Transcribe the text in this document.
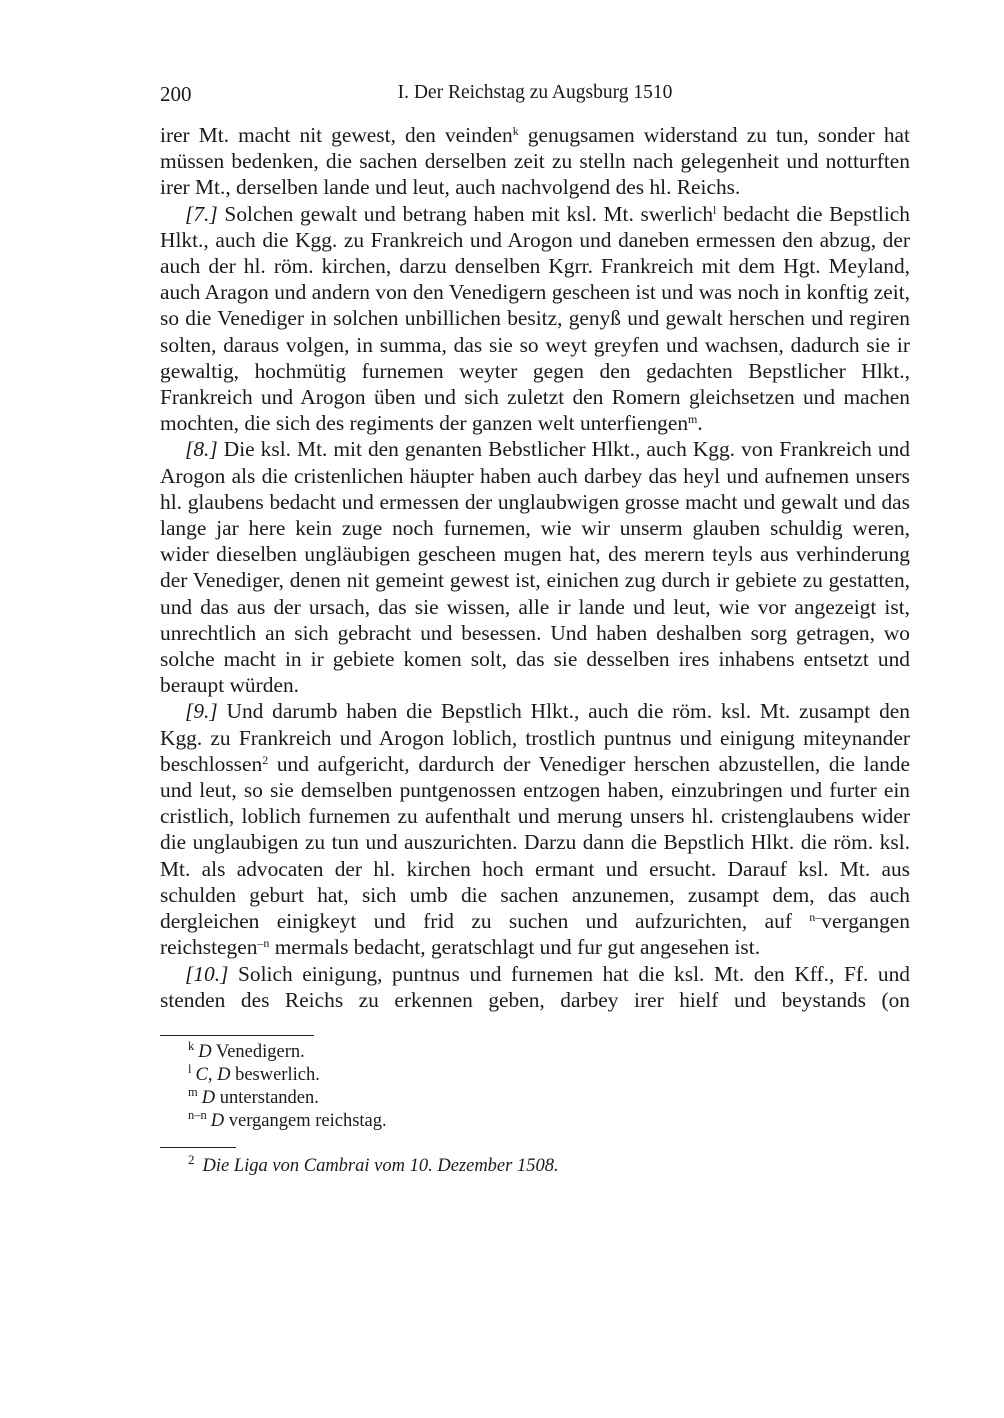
200	I. Der Reichstag zu Augsburg 1510

irer Mt. macht nit gewest, den veinden$^k$ genugsamen widerstand zu tun, sonder hat müssen bedenken, die sachen derselben zeit zu stelln nach gelegenheit und notturften irer Mt., derselben lande und leut, auch nachvolgend des hl. Reichs.

[7.] Solchen gewalt und betrang haben mit ksl. Mt. swerlich$^l$ bedacht die Bepstlich Hlkt., auch die Kgg. zu Frankreich und Arogon und daneben ermessen den abzug, der auch der hl. röm. kirchen, darzu denselben Kgrr. Frankreich mit dem Hgt. Meyland, auch Aragon und andern von den Venedigern gescheen ist und was noch in konftig zeit, so die Venediger in solchen unbillichen besitz, genyß und gewalt herschen und regiren solten, daraus volgen, in summa, das sie so weyt greyfen und wachsen, dadurch sie ir gewaltig, hochmütig furnemen weyter gegen den gedachten Bepstlicher Hlkt., Frankreich und Arogon üben und sich zuletzt den Romern gleichsetzen und machen mochten, die sich des regiments der ganzen welt unterfiengen$^m$.

[8.] Die ksl. Mt. mit den genanten Bebstlicher Hlkt., auch Kgg. von Frankreich und Arogon als die cristenlichen häupter haben auch darbey das heyl und aufnemen unsers hl. glaubens bedacht und ermessen der unglaubwigen grosse macht und gewalt und das lange jar here kein zuge noch furnemen, wie wir unserm glauben schuldig weren, wider dieselben ungläubigen gescheen mugen hat, des merern teyls aus verhinderung der Venediger, denen nit gemeint gewest ist, einichen zug durch ir gebiete zu gestatten, und das aus der ursach, das sie wissen, alle ir lande und leut, wie vor angezeigt ist, unrechtlich an sich gebracht und besessen. Und haben deshalben sorg getragen, wo solche macht in ir gebiete komen solt, das sie desselben ires inhabens entsetzt und beraupt würden.

[9.] Und darumb haben die Bepstlich Hlkt., auch die röm. ksl. Mt. zusampt den Kgg. zu Frankreich und Arogon loblich, trostlich puntnus und einigung miteynander beschlossen$^2$ und aufgericht, dardurch der Venediger herschen abzustellen, die lande und leut, so sie demselben puntgenossen entzogen haben, einzubringen und furter ein cristlich, loblich furnemen zu aufenthalt und merung unsers hl. cristenglaubens wider die unglaubigen zu tun und auszurichten. Darzu dann die Bepstlich Hlkt. die röm. ksl. Mt. als advocaten der hl. kirchen hoch ermant und ersucht. Darauf ksl. Mt. aus schulden geburt hat, sich umb die sachen anzunemen, zusampt dem, das auch dergleichen einigkeyt und frid zu suchen und aufzurichten, auf $^{n-}$vergangen reichstegen$^{-n}$ mermals bedacht, geratschlagt und fur gut angesehen ist.

[10.] Solich einigung, puntnus und furnemen hat die ksl. Mt. den Kff., Ff. und stenden des Reichs zu erkennen geben, darbey irer hielf und beystands (on

$^k$ D Venedigern.
$^l$ C, D beswerlich.
$^m$ D unterstanden.
$^{n-n}$ D vergangem reichstag.
$^2$ Die Liga von Cambrai vom 10. Dezember 1508.
